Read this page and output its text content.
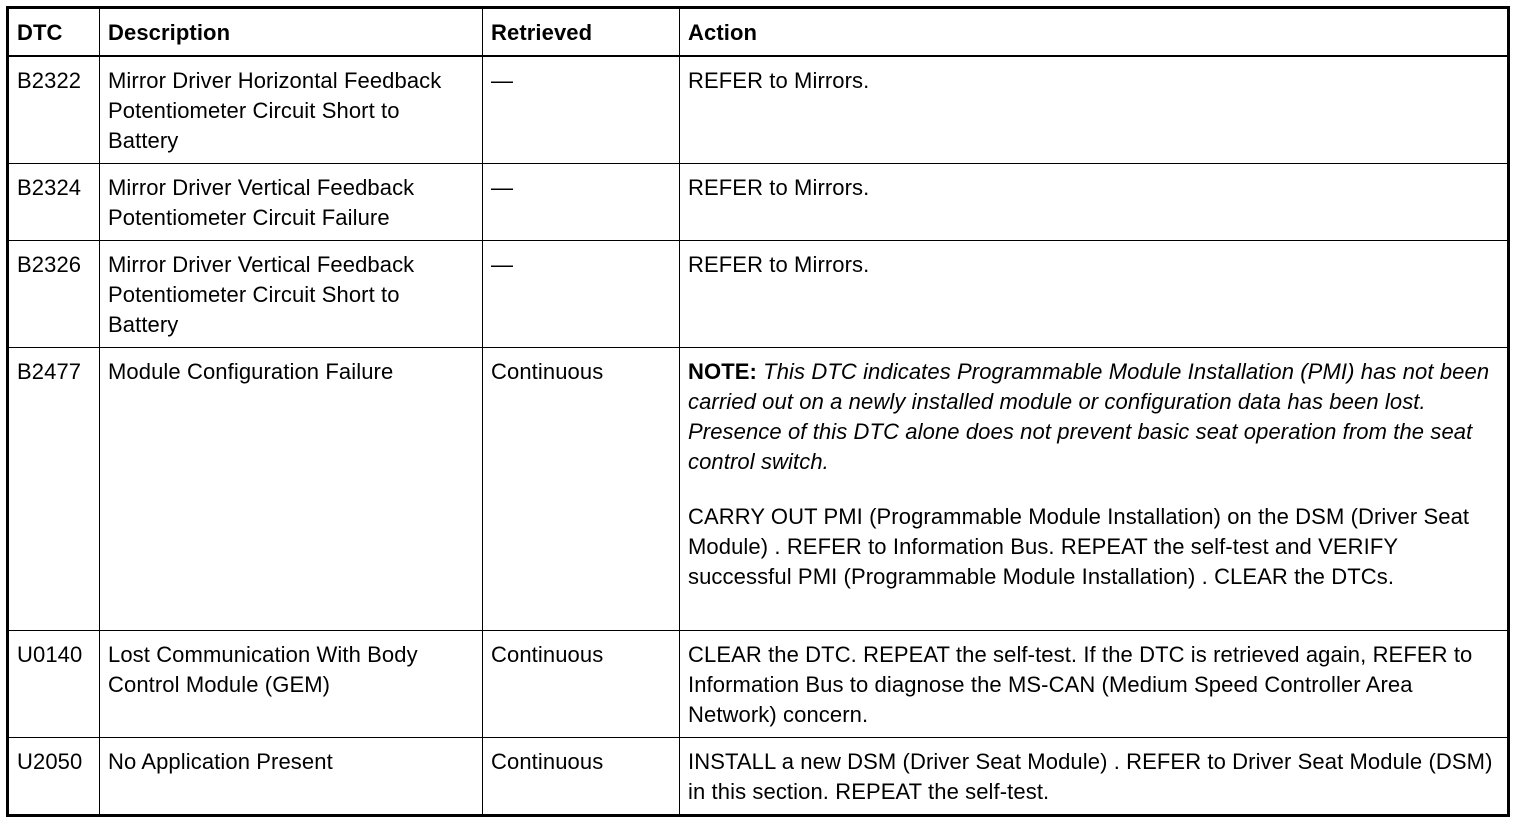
DTC	Description	Retrieved	Action
B2322	Mirror Driver Horizontal Feedback Potentiometer Circuit Short to Battery	—	REFER to Mirrors.
B2324	Mirror Driver Vertical Feedback Potentiometer Circuit Failure	—	REFER to Mirrors.
B2326	Mirror Driver Vertical Feedback Potentiometer Circuit Short to Battery	—	REFER to Mirrors.
B2477	Module Configuration Failure	Continuous	NOTE: This DTC indicates Programmable Module Installation (PMI) has not been carried out on a newly installed module or configuration data has been lost. Presence of this DTC alone does not prevent basic seat operation from the seat control switch.
CARRY OUT PMI (Programmable Module Installation) on the DSM (Driver Seat Module) . REFER to Information Bus. REPEAT the self-test and VERIFY successful PMI (Programmable Module Installation) . CLEAR the DTCs.

U0140	Lost Communication With Body Control Module (GEM)	Continuous	CLEAR the DTC. REPEAT the self-test. If the DTC is retrieved again, REFER to Information Bus to diagnose the MS-CAN (Medium Speed Controller Area Network) concern.
U2050	No Application Present	Continuous	INSTALL a new DSM (Driver Seat Module) . REFER to Driver Seat Module (DSM) in this section. REPEAT the self-test.
